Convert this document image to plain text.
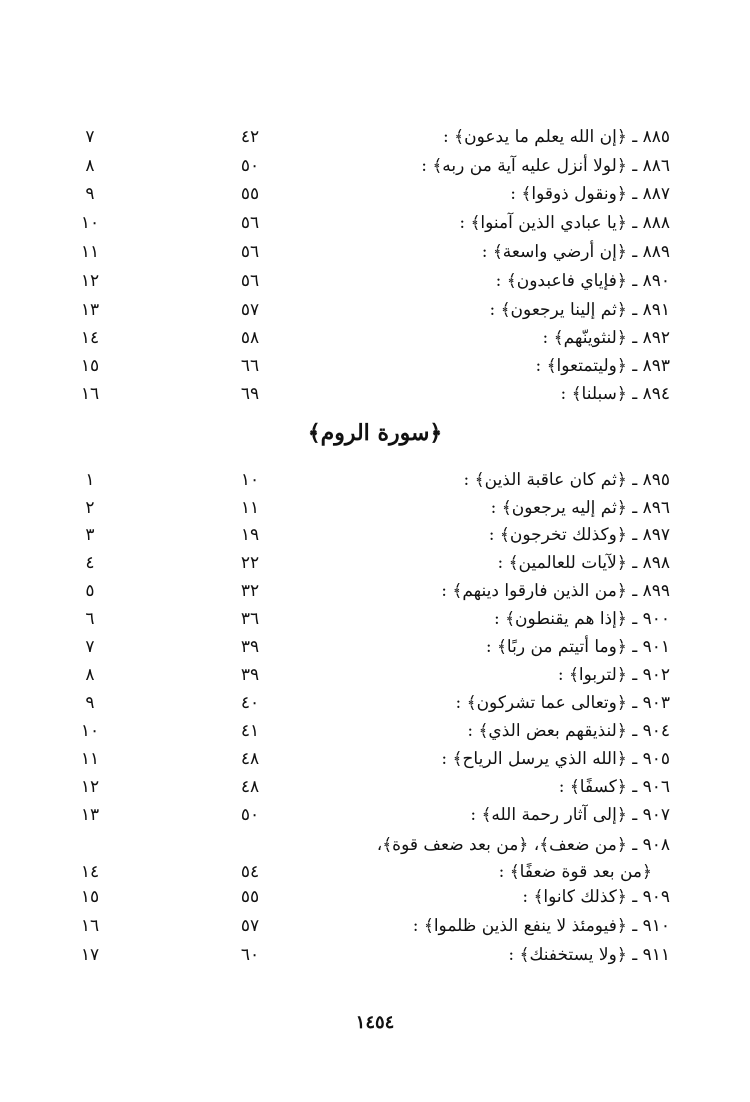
٨٨٥ ـ ﴿إن الله يعلم ما يدعون﴾ :
٤٢
٧
٨٨٦ ـ ﴿لولا أنزل عليه آية من ربه﴾ :
٥٠
٨
٨٨٧ ـ ﴿ونقول ذوقوا﴾ :
٥٥
٩
٨٨٨ ـ ﴿يا عبادي الذين آمنوا﴾ :
٥٦
١٠
٨٨٩ ـ ﴿إن أرضي واسعة﴾ :
٥٦
١١
٨٩٠ ـ ﴿فإياي فاعبدون﴾ :
٥٦
١٢
٨٩١ ـ ﴿ثم إلينا يرجعون﴾ :
٥٧
١٣
٨٩٢ ـ ﴿لنثوينّهم﴾ :
٥٨
١٤
٨٩٣ ـ ﴿وليتمتعوا﴾ :
٦٦
١٥
٨٩٤ ـ ﴿سبلنا﴾ :
٦٩
١٦
﴿سورة الروم﴾
٨٩٥ ـ ﴿ثم كان عاقبة الذين﴾ :
١٠
١
٨٩٦ ـ ﴿ثم إليه يرجعون﴾ :
١١
٢
٨٩٧ ـ ﴿وكذلك تخرجون﴾ :
١٩
٣
٨٩٨ ـ ﴿لآيات للعالمين﴾ :
٢٢
٤
٨٩٩ ـ ﴿من الذين فارقوا دينهم﴾ :
٣٢
٥
٩٠٠ ـ ﴿إذا هم يقنطون﴾ :
٣٦
٦
٩٠١ ـ ﴿وما أتيتم من ربًا﴾ :
٣٩
٧
٩٠٢ ـ ﴿لتربوا﴾ :
٣٩
٨
٩٠٣ ـ ﴿وتعالى عما تشركون﴾ :
٤٠
٩
٩٠٤ ـ ﴿لنذيقهم بعض الذي﴾ :
٤١
١٠
٩٠٥ ـ ﴿الله الذي يرسل الرياح﴾ :
٤٨
١١
٩٠٦ ـ ﴿كسفًا﴾ :
٤٨
١٢
٩٠٧ ـ ﴿إلى آثار رحمة الله﴾ :
٥٠
١٣
٩٠٨ ـ ﴿من ضعف﴾، ﴿من بعد ضعف قوة﴾،
﴿من بعد قوة ضعفًا﴾ :
٥٤
١٤
٩٠٩ ـ ﴿كذلك كانوا﴾ :
٥٥
١٥
٩١٠ ـ ﴿فيومئذ لا ينفع الذين ظلموا﴾ :
٥٧
١٦
٩١١ ـ ﴿ولا يستخفنك﴾ :
٦٠
١٧
١٤٥٤
